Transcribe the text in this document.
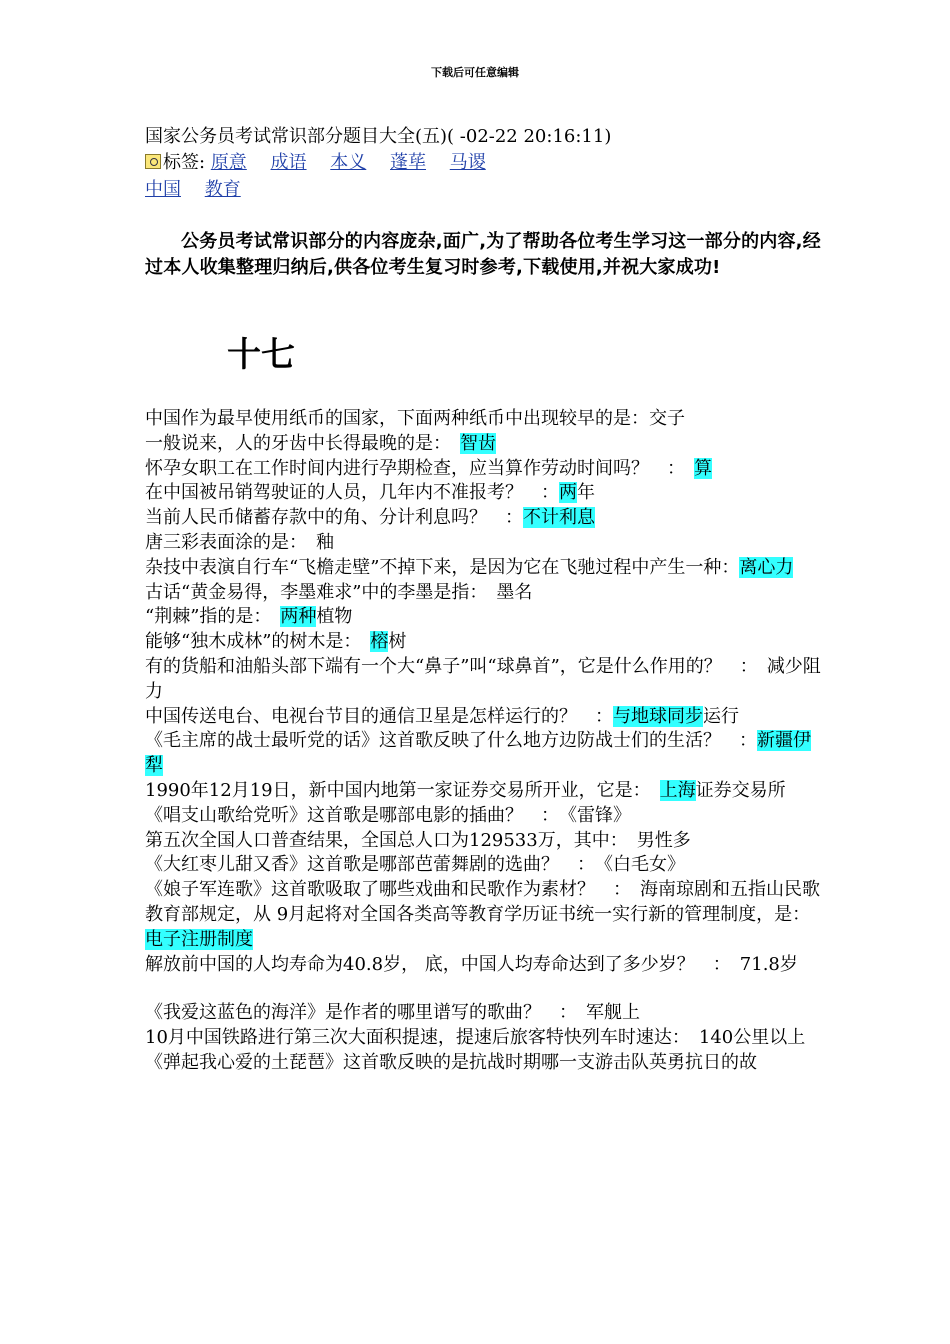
下载后可任意编辑
国家公务员考试常识部分题目大全(五)( -02-22 20:16:11)
标签: 原意 成语 本义 蓬荜 马谡
中国 教育
公务员考试常识部分的内容庞杂,面广,为了帮助各位考生学习这一部分的内容,经过本人收集整理归纳后,供各位考生复习时参考,下载使用,并祝大家成功!
十七
中国作为最早使用纸币的国家，下面两种纸币中出现较早的是：交子
一般说来，人的牙齿中长得最晚的是：　 智齿
怀孕女职工在工作时间内进行孕期检查，应当算作劳动时间吗？　：　 算
在中国被吊销驾驶证的人员，几年内不准报考？　：两年
当前人民币储蓄存款中的角、分计利息吗？　：不计利息
唐三彩表面涂的是：　 釉
杂技中表演自行车“飞檐走壁”不掉下来，是因为它在飞驰过程中产生一种：离心力
古话“黄金易得，李墨难求”中的李墨是指：　 墨名
“荆棘”指的是：　 两种植物
能够“独木成林”的树木是：　 榕树
有的货船和油船头部下端有一个大“鼻子”叫“球鼻首”，它是什么作用的？　：　 减少阻力
中国传送电台、电视台节目的通信卫星是怎样运行的？　：与地球同步运行
《毛主席的战士最听党的话》这首歌反映了什么地方边防战士们的生活？　：新疆伊犁
1990年12月19日，新中国内地第一家证券交易所开业，它是：　 上海证券交易所
《唱支山歌给党听》这首歌是哪部电影的插曲？　：　 《雷锋》
第五次全国人口普查结果，全国总人口为129533万，其中：　 男性多
《大红枣儿甜又香》这首歌是哪部芭蕾舞剧的选曲？　：　 《白毛女》
《娘子军连歌》这首歌吸取了哪些戏曲和民歌作为素材？　：　 海南琼剧和五指山民歌
教育部规定，从 9月起将对全国各类高等教育学历证书统一实行新的管理制度，是：　电子注册制度
解放前中国的人均寿命为40.8岁， 底，中国人均寿命达到了多少岁？　：　 71.8岁
《我爱这蓝色的海洋》是作者的哪里谱写的歌曲？　：　 军舰上
10月中国铁路进行第三次大面积提速，提速后旅客特快列车时速达：　 140公里以上
《弹起我心爱的土琵琶》这首歌反映的是抗战时期哪一支游击队英勇抗日的故
